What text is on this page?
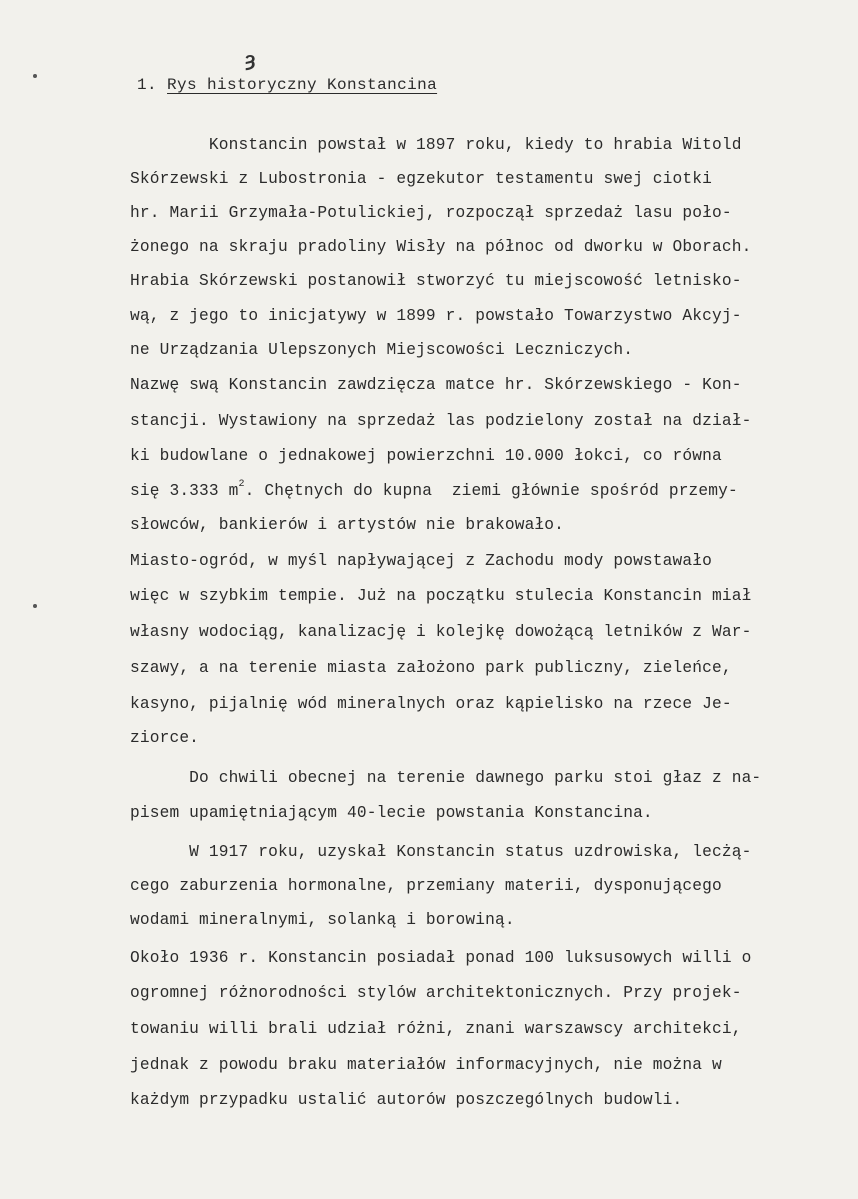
ȝ
1. Rys historyczny Konstancina
Konstancin powstał w 1897 roku, kiedy to hrabia Witold
Skórzewski z Lubostronia - egzekutor testamentu swej ciotki
hr. Marii Grzymała-Potulickiej, rozpoczął sprzedaż lasu poło-
żonego na skraju pradoliny Wisły na północ od dworku w Oborach.
Hrabia Skórzewski postanowił stworzyć tu miejscowość letnisko-
wą, z jego to inicjatywy w 1899 r. powstało Towarzystwo Akcyj-
ne Urządzania Ulepszonych Miejscowości Leczniczych.
Nazwę swą Konstancin zawdzięcza matce hr. Skórzewskiego - Kon-
stancji. Wystawiony na sprzedaż las podzielony został na dział-
ki budowlane o jednakowej powierzchni 10.000 łokci, co równa
się 3.333 $m^2$. Chętnych do kupna  ziemi głównie spośród przemy-
słowców, bankierów i artystów nie brakowało.
Miasto-ogród, w myśl napływającej z Zachodu mody powstawało
więc w szybkim tempie. Już na początku stulecia Konstancin miał
własny wodociąg, kanalizację i kolejkę dowożącą letników z War-
szawy, a na terenie miasta założono park publiczny, zieleńce,
kasyno, pijalnię wód mineralnych oraz kąpielisko na rzece Je-
ziorce.
Do chwili obecnej na terenie dawnego parku stoi głaz z na-
pisem upamiętniającym 40-lecie powstania Konstancina.
W 1917 roku, uzyskał Konstancin status uzdrowiska, lecżą-
cego zaburzenia hormonalne, przemiany materii, dysponującego
wodami mineralnymi, solanką i borowiną.
Około 1936 r. Konstancin posiadał ponad 100 luksusowych willi o
ogromnej różnorodności stylów architektonicznych. Przy projek-
towaniu willi brali udział różni, znani warszawscy architekci,
jednak z powodu braku materiałów informacyjnych, nie można w
każdym przypadku ustalić autorów poszczególnych budowli.
